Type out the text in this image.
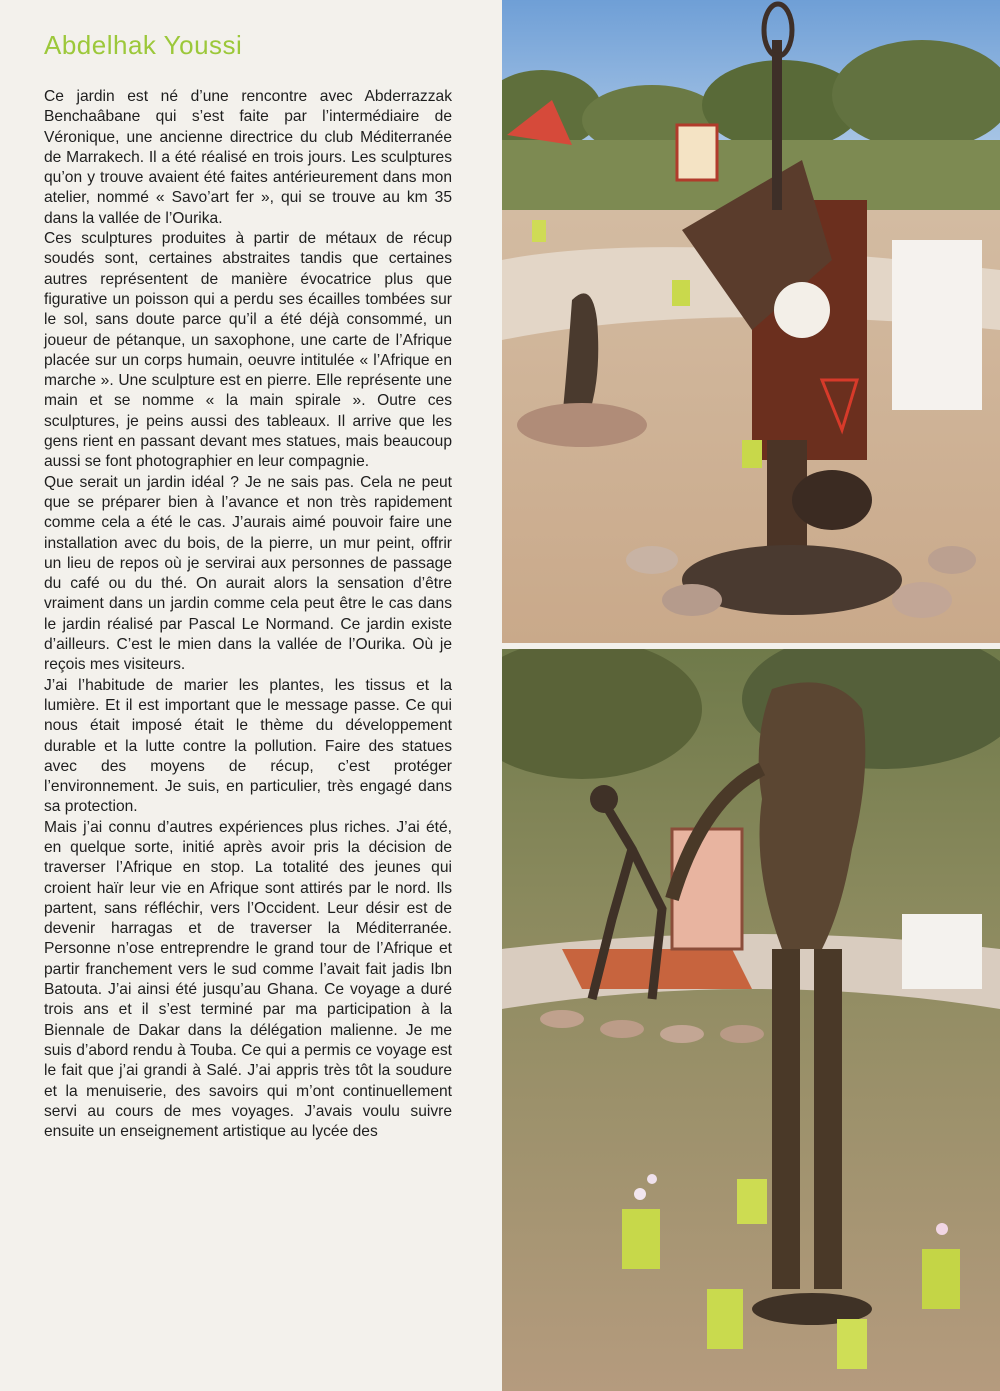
Abdelhak Youssi

Ce jardin est né d’une rencontre avec Abderrazzak Benchaâbane qui s’est faite par l’intermédiaire de Véronique, une ancienne directrice du club Méditerranée de Marrakech. Il a été réalisé en trois jours. Les sculptures qu’on y trouve avaient été faites antérieurement dans mon atelier, nommé « Savo’art fer », qui se trouve au km 35 dans la vallée de l’Ourika.

Ces sculptures produites à partir de métaux de récup soudés sont, certaines abstraites tandis que certaines autres représentent de manière évocatrice plus que figurative un poisson qui a perdu ses écailles tombées sur le sol, sans doute parce qu’il a été déjà consommé, un joueur de pétanque, un saxophone, une carte de l’Afrique placée sur un corps humain, oeuvre intitulée « l’Afrique en marche ». Une sculpture est en pierre. Elle représente une main et se nomme « la main spirale ». Outre ces sculptures, je peins aussi des tableaux. Il arrive que les gens rient en passant devant mes statues, mais beaucoup aussi se font photographier en leur compagnie.

Que serait un jardin idéal ? Je ne sais pas. Cela ne peut que se préparer bien à l’avance et non très rapidement comme cela a été le cas. J’aurais aimé pouvoir faire une installation avec du bois, de la pierre, un mur peint, offrir un lieu de repos où je servirai aux personnes de passage du café ou du thé. On aurait alors la sensation d’être vraiment dans un jardin comme cela peut être le cas dans le jardin réalisé par Pascal Le Normand. Ce jardin existe d’ailleurs. C’est le mien dans la vallée de l’Ourika. Où je reçois mes visiteurs.

J’ai l’habitude de marier les plantes, les tissus et la lumière. Et il est important que le message passe. Ce qui nous était imposé était le thème du développement durable et la lutte contre la pollution. Faire des statues avec des moyens de récup, c’est protéger l’environnement. Je suis, en particulier, très engagé dans sa protection.

Mais j’ai connu d’autres expériences plus riches. J’ai été, en quelque sorte, initié après avoir pris la décision de traverser l’Afrique en stop. La totalité des jeunes qui croient haïr leur vie en Afrique sont attirés par le nord. Ils partent, sans réfléchir, vers l’Occident. Leur désir est de devenir harragas et de traverser la Méditerranée. Personne n’ose entreprendre le grand tour de l’Afrique et partir franchement vers le sud comme l’avait fait jadis Ibn Batouta. J’ai ainsi été jusqu’au Ghana. Ce voyage a duré trois ans et il s’est terminé par ma participation à la Biennale de Dakar dans la délégation malienne. Je me suis d’abord rendu à Touba. Ce qui a permis ce voyage est le fait que j’ai grandi à Salé. J’ai appris très tôt la soudure et la menuiserie, des savoirs qui m’ont continuellement servi au cours de mes voyages. J’avais voulu suivre ensuite un enseignement artistique au lycée des
